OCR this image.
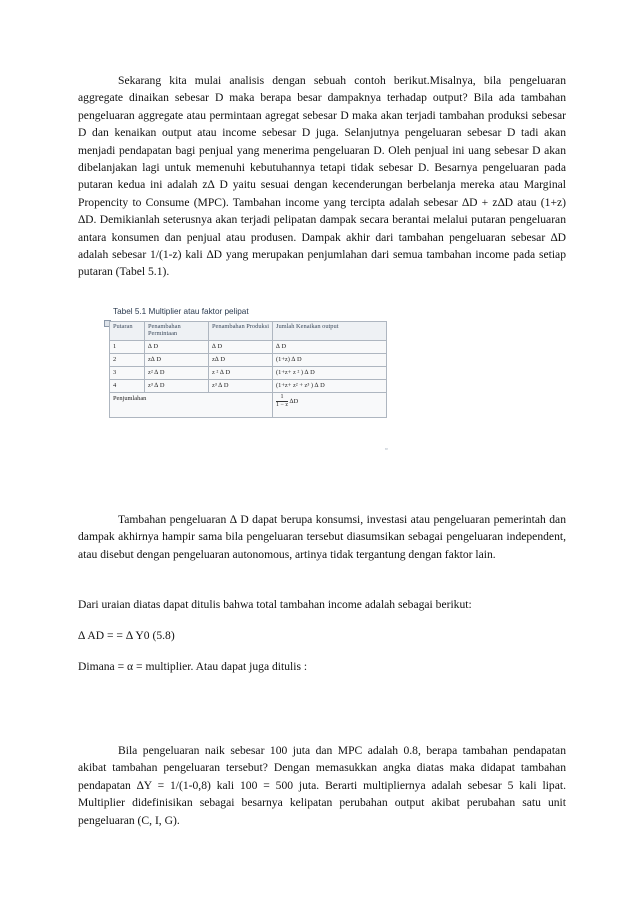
Sekarang kita mulai analisis dengan sebuah contoh berikut.Misalnya, bila pengeluaran aggregate dinaikan sebesar D maka berapa besar dampaknya terhadap output? Bila ada tambahan pengeluaran aggregate atau permintaan agregat sebesar D maka akan terjadi tambahan produksi sebesar D dan kenaikan output atau income sebesar D juga. Selanjutnya pengeluaran sebesar D tadi akan menjadi pendapatan bagi penjual yang menerima pengeluaran D. Oleh penjual ini uang sebesar D akan dibelanjakan lagi untuk memenuhi kebutuhannya tetapi tidak sebesar D. Besarnya pengeluaran pada putaran kedua ini adalah z∆ D yaitu sesuai dengan kecenderungan berbelanja mereka atau Marginal Propencity to Consume (MPC). Tambahan income yang tercipta adalah sebesar ∆D + z∆D atau (1+z) ∆D. Demikianlah seterusnya akan terjadi pelipatan dampak secara berantai melalui putaran pengeluaran antara konsumen dan penjual atau produsen. Dampak akhir dari tambahan pengeluaran sebesar ∆D adalah sebesar 1/(1-z) kali ∆D yang merupakan penjumlahan dari semua tambahan income pada setiap putaran (Tabel 5.1).

Tabel 5.1 Multiplier atau faktor pelipat
Putaran	Penambahan Permintaan	Penambahan Produksi	Jumlah Kenaikan output
1	∆ D	∆ D	∆ D
2	z∆ D	z∆ D	(1+z) ∆ D
3	z² ∆ D	z ² ∆ D	(1+z+ z ² ) ∆ D
4	z³ ∆ D	z³ ∆ D	(1+z+ z² + z³ ) ∆ D
Penjumlahan			$\frac{1}{1 - z} \Delta D$
▫

Tambahan pengeluaran ∆ D dapat berupa konsumsi, investasi atau pengeluaran pemerintah dan dampak akhirnya hampir sama bila pengeluaran tersebut diasumsikan sebagai pengeluaran independent, atau disebut dengan pengeluaran autonomous, artinya tidak tergantung dengan faktor lain.

Dari uraian diatas dapat ditulis bahwa total tambahan income adalah sebagai berikut:

∆ AD = = ∆ Y0 (5.8)

Dimana = α = multiplier. Atau dapat juga ditulis :

Bila pengeluaran naik sebesar 100 juta dan MPC adalah 0.8, berapa tambahan pendapatan akibat tambahan pengeluaran tersebut? Dengan memasukkan angka diatas maka didapat tambahan pendapatan ∆Y = 1/(1-0,8) kali 100 = 500 juta. Berarti multipliernya adalah sebesar 5 kali lipat. Multiplier didefinisikan sebagai besarnya kelipatan perubahan output akibat perubahan satu unit pengeluaran (C, I, G).
